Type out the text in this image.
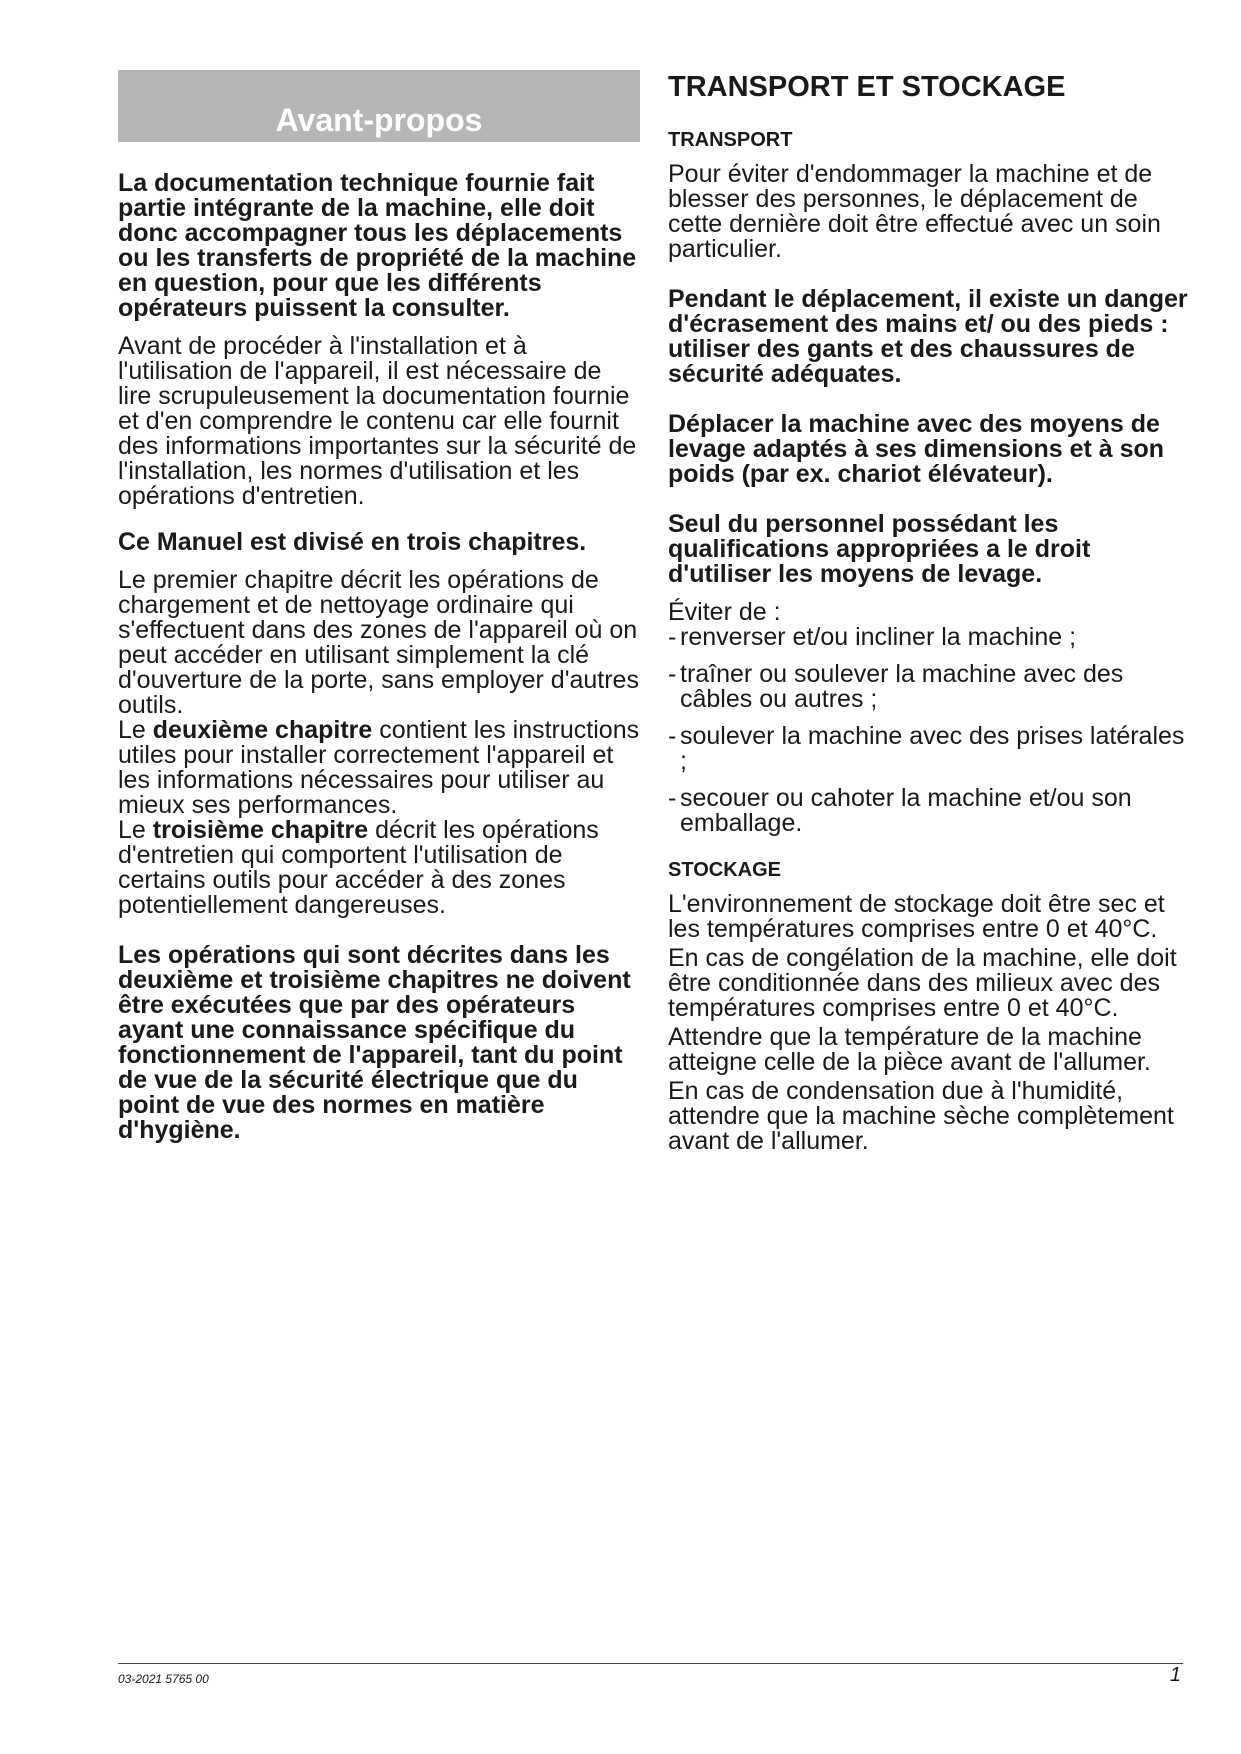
Avant-propos

La documentation technique fournie fait partie intégrante de la machine, elle doit donc accompagner tous les déplacements ou les transferts de propriété de la machine en question, pour que les différents opérateurs puissent la consulter.

Avant de procéder à l'installation et à l'utilisation de l'appareil, il est nécessaire de lire scrupuleusement la documentation fournie et d'en comprendre le contenu car elle fournit des informations importantes sur la sécurité de l'installation, les normes d'utilisation et les opérations d'entretien.

Ce Manuel est divisé en trois chapitres.

Le premier chapitre décrit les opérations de chargement et de nettoyage ordinaire qui s'effectuent dans des zones de l'appareil où on peut accéder en utilisant simplement la clé d'ouverture de la porte, sans employer d'autres outils.

Le deuxième chapitre contient les instructions utiles pour installer correctement l'appareil et les informations nécessaires pour utiliser au mieux ses performances.

Le troisième chapitre décrit les opérations d'entretien qui comportent l'utilisation de certains outils pour accéder à des zones potentiellement dangereuses.

Les opérations qui sont décrites dans les deuxième et troisième chapitres ne doivent être exécutées que par des opérateurs ayant une connaissance spécifique du fonctionnement de l'appareil, tant du point de vue de la sécurité électrique que du point de vue des normes en matière d'hygiène.

TRANSPORT ET STOCKAGE

TRANSPORT

Pour éviter d'endommager la machine et de blesser des personnes, le déplacement de cette dernière doit être effectué avec un soin particulier.

Pendant le déplacement, il existe un danger d'écrasement des mains et/ ou des pieds : utiliser des gants et des chaussures de sécurité adéquates.

Déplacer la machine avec des moyens de levage adaptés à ses dimensions et à son poids (par ex. chariot élévateur).

Seul du personnel possédant les qualifications appropriées a le droit d'utiliser les moyens de levage.

Éviter de :

- renverser et/ou incliner la machine ;
- traîner ou soulever la machine avec des câbles ou autres ;
- soulever la machine avec des prises latérales ;
- secouer ou cahoter la machine et/ou son emballage.

STOCKAGE

L'environnement de stockage doit être sec et les températures comprises entre 0 et 40°C.

En cas de congélation de la machine, elle doit être conditionnée dans des milieux avec des températures comprises entre 0 et 40°C.

Attendre que la température de la machine atteigne celle de la pièce avant de l'allumer.

En cas de condensation due à l'humidité, attendre que la machine sèche complètement avant de l'allumer.

03-2021 5765 00	1
